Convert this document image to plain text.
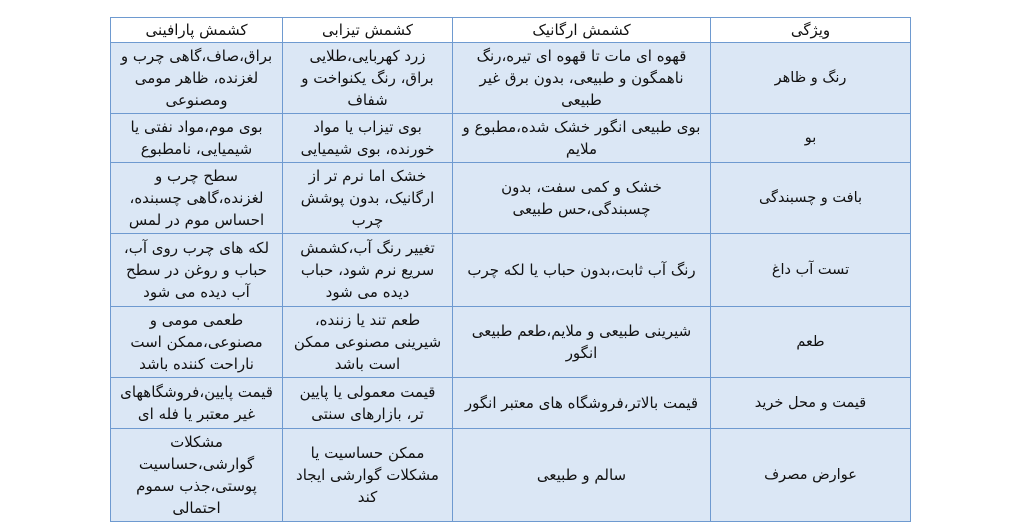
ویژگی	کشمش ارگانیک	کشمش تیزابی	کشمش پارافینی
رنگ و ظاهر	قهوه ای مات تا قهوه ای تیره،رنگ ناهمگون و طبیعی، بدون برق غیر طبیعی	زرد کهربایی،طلایی براق، رنگ یکنواخت و شفاف	براق،صاف،گاهی چرب و لغزنده، ظاهر مومی ومصنوعی
بو	بوی طبیعی انگور خشک شده،مطبوع و ملایم	بوی تیزاب یا مواد خورنده، بوی شیمیایی	بوی موم،مواد نفتی یا شیمیایی، نامطبوع
بافت و چسبندگی	خشک و کمی سفت، بدون چسبندگی،حس طبیعی	خشک اما نرم تر از ارگانیک، بدون پوشش چرب	سطح چرب و لغزنده،گاهی چسبنده، احساس موم در لمس
تست آب داغ	رنگ آب ثابت،بدون حباب یا لکه چرب	تغییر رنگ آب،کشمش سریع نرم شود، حباب دیده می شود	لکه های چرب روی آب، حباب و روغن در سطح آب دیده می شود
طعم	شیرینی طبیعی و ملایم،طعم طبیعی انگور	طعم تند یا زننده، شیرینی مصنوعی ممکن است باشد	طعمی مومی و مصنوعی،ممکن است ناراحت کننده باشد
قیمت و محل خرید	قیمت بالاتر،فروشگاه های معتبر انگور	قیمت معمولی یا پایین تر، بازارهای سنتی	قیمت پایین،فروشگاههای غیر معتبر یا فله ای
عوارض مصرف	سالم و طبیعی	ممکن حساسیت یا مشکلات گوارشی ایجاد کند	مشکلات گوارشی،حساسیت پوستی،جذب سموم احتمالی
